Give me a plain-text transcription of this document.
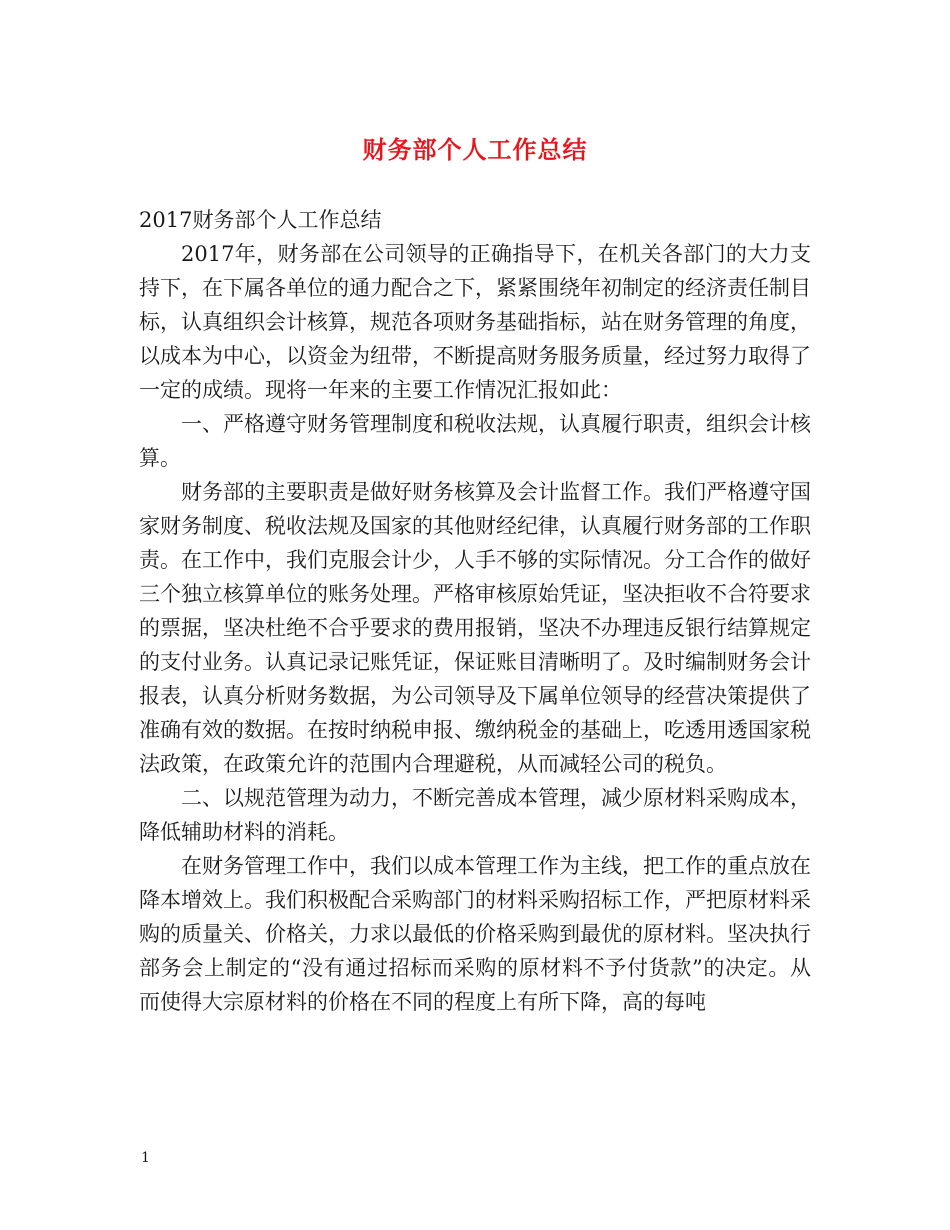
财务部个人工作总结

2017财务部个人工作总结

2017年，财务部在公司领导的正确指导下，在机关各部门的大力支持下，在下属各单位的通力配合之下，紧紧围绕年初制定的经济责任制目标，认真组织会计核算，规范各项财务基础指标，站在财务管理的角度，以成本为中心，以资金为纽带，不断提高财务服务质量，经过努力取得了一定的成绩。现将一年来的主要工作情况汇报如此：

一、严格遵守财务管理制度和税收法规，认真履行职责，组织会计核算。

财务部的主要职责是做好财务核算及会计监督工作。我们严格遵守国家财务制度、税收法规及国家的其他财经纪律，认真履行财务部的工作职责。在工作中，我们克服会计少，人手不够的实际情况。分工合作的做好三个独立核算单位的账务处理。严格审核原始凭证，坚决拒收不合符要求的票据，坚决杜绝不合乎要求的费用报销，坚决不办理违反银行结算规定的支付业务。认真记录记账凭证，保证账目清晰明了。及时编制财务会计报表，认真分析财务数据，为公司领导及下属单位领导的经营决策提供了准确有效的数据。在按时纳税申报、缴纳税金的基础上，吃透用透国家税法政策，在政策允许的范围内合理避税，从而减轻公司的税负。

二、以规范管理为动力，不断完善成本管理，减少原材料采购成本，降低辅助材料的消耗。

在财务管理工作中，我们以成本管理工作为主线，把工作的重点放在降本增效上。我们积极配合采购部门的材料采购招标工作，严把原材料采购的质量关、价格关，力求以最低的价格采购到最优的原材料。坚决执行部务会上制定的“没有通过招标而采购的原材料不予付货款”的决定。从而使得大宗原材料的价格在不同的程度上有所下降，高的每吨

1
